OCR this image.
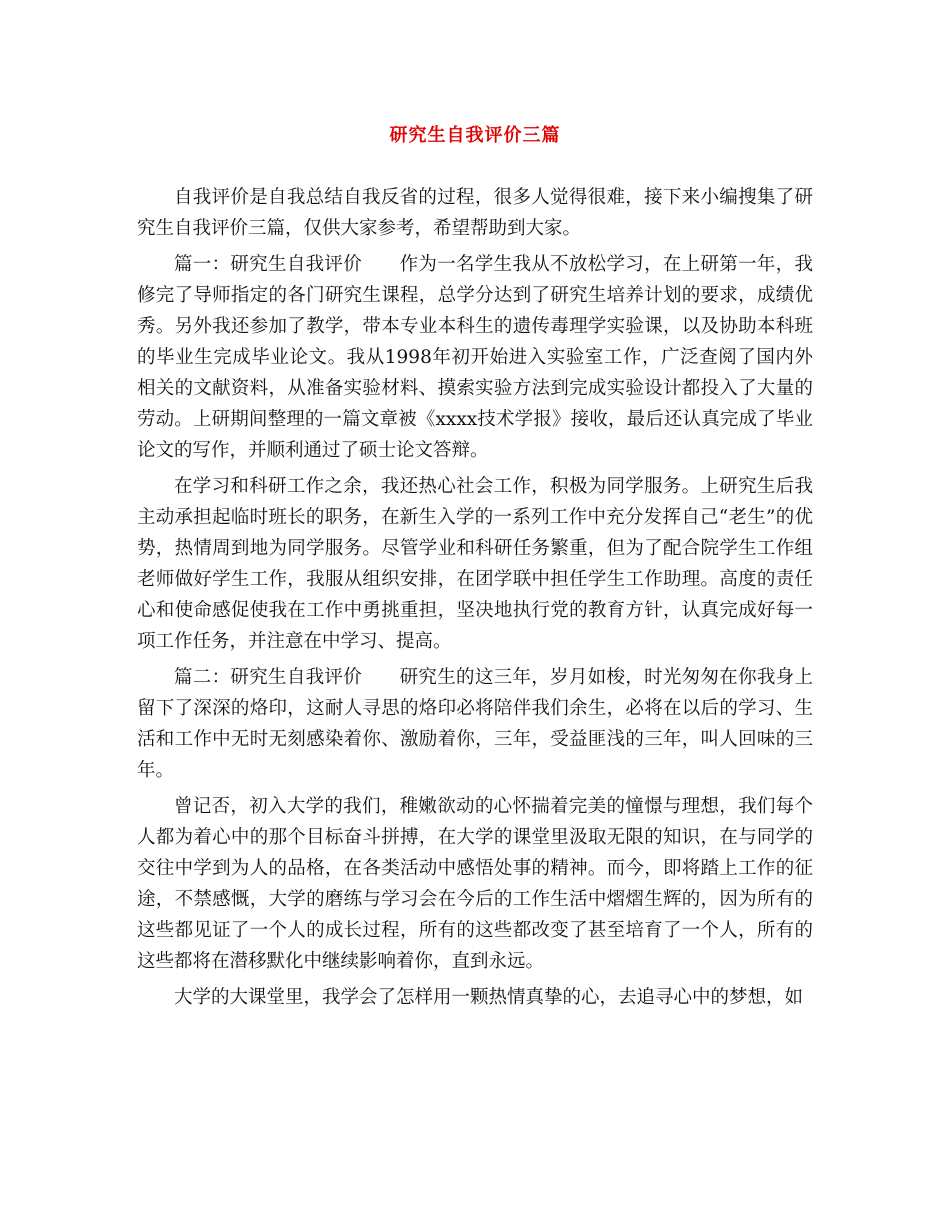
研究生自我评价三篇

自我评价是自我总结自我反省的过程，很多人觉得很难，接下来小编搜集了研究生自我评价三篇，仅供大家参考，希望帮助到大家。

篇一：研究生自我评价　　作为一名学生我从不放松学习，在上研第一年，我修完了导师指定的各门研究生课程，总学分达到了研究生培养计划的要求，成绩优秀。另外我还参加了教学，带本专业本科生的遗传毒理学实验课，以及协助本科班的毕业生完成毕业论文。我从1998年初开始进入实验室工作，广泛查阅了国内外相关的文献资料，从准备实验材料、摸索实验方法到完成实验设计都投入了大量的劳动。上研期间整理的一篇文章被《xxxx技术学报》接收，最后还认真完成了毕业论文的写作，并顺利通过了硕士论文答辩。

在学习和科研工作之余，我还热心社会工作，积极为同学服务。上研究生后我主动承担起临时班长的职务，在新生入学的一系列工作中充分发挥自己“老生”的优势，热情周到地为同学服务。尽管学业和科研任务繁重，但为了配合院学生工作组老师做好学生工作，我服从组织安排，在团学联中担任学生工作助理。高度的责任心和使命感促使我在工作中勇挑重担，坚决地执行党的教育方针，认真完成好每一项工作任务，并注意在中学习、提高。

篇二：研究生自我评价　　研究生的这三年，岁月如梭，时光匆匆在你我身上留下了深深的烙印，这耐人寻思的烙印必将陪伴我们余生，必将在以后的学习、生活和工作中无时无刻感染着你、激励着你，三年，受益匪浅的三年，叫人回味的三年。

曾记否，初入大学的我们，稚嫩欲动的心怀揣着完美的憧憬与理想，我们每个人都为着心中的那个目标奋斗拼搏，在大学的课堂里汲取无限的知识，在与同学的交往中学到为人的品格，在各类活动中感悟处事的精神。而今，即将踏上工作的征途，不禁感慨，大学的磨练与学习会在今后的工作生活中熠熠生辉的，因为所有的这些都见证了一个人的成长过程，所有的这些都改变了甚至培育了一个人，所有的这些都将在潜移默化中继续影响着你，直到永远。

大学的大课堂里，我学会了怎样用一颗热情真挚的心，去追寻心中的梦想，如
